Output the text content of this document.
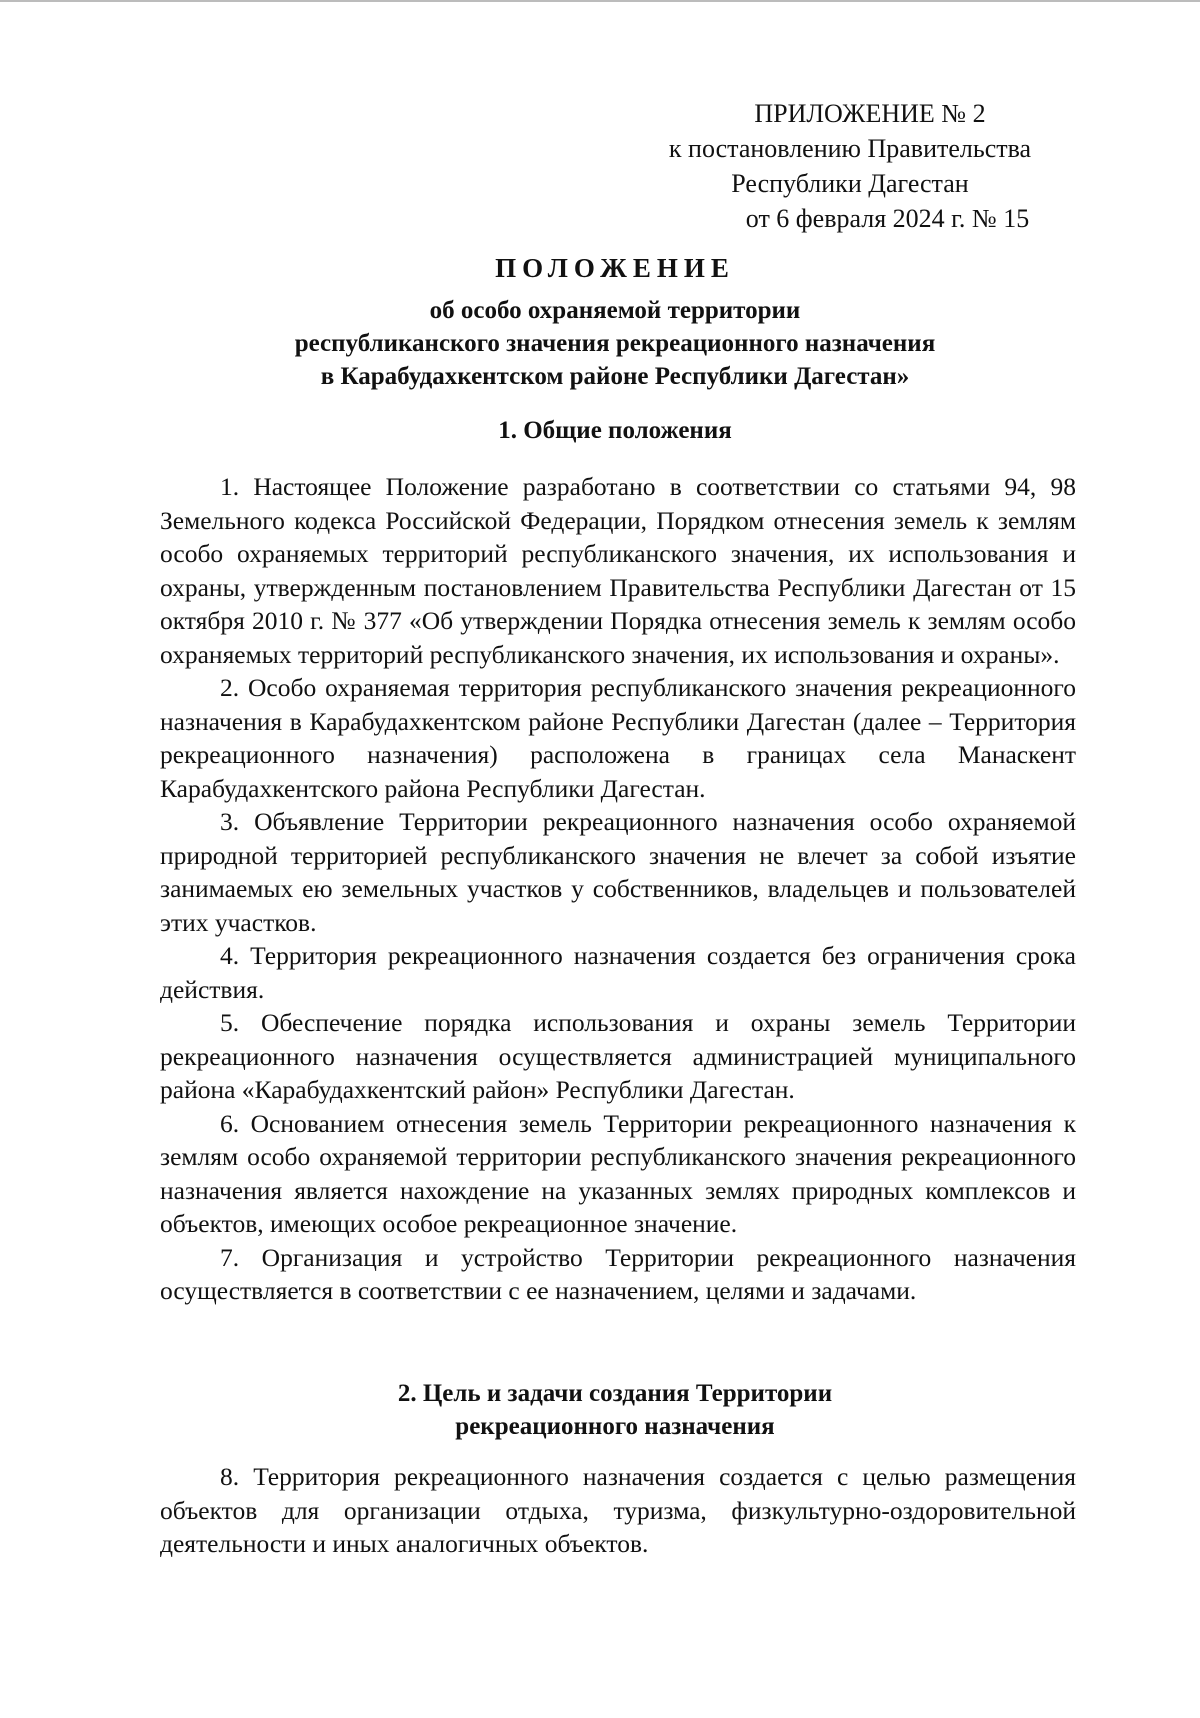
ПРИЛОЖЕНИЕ № 2
к постановлению Правительства
Республики Дагестан
от 6 февраля 2024 г. № 15
ПОЛОЖЕНИЕ
об особо охраняемой территории
республиканского значения рекреационного назначения
в Карабудахкентском районе Республики Дагестан»
1. Общие положения

1. Настоящее Положение разработано в соответствии со статьями 94, 98 Земельного кодекса Российской Федерации, Порядком отнесения земель к землям особо охраняемых территорий республиканского значения, их использования и охраны, утвержденным постановлением Правительства Республики Дагестан от 15 октября 2010 г. № 377 «Об утверждении Порядка отнесения земель к землям особо охраняемых территорий республиканского значения, их использования и охраны».

2. Особо охраняемая территория республиканского значения рекреационного назначения в Карабудахкентском районе Республики Дагестан (далее – Территория рекреационного назначения) расположена в границах села Манаскент Карабудахкентского района Республики Дагестан.

3. Объявление Территории рекреационного назначения особо охраняемой природной территорией республиканского значения не влечет за собой изъятие занимаемых ею земельных участков у собственников, владельцев и пользователей этих участков.

4. Территория рекреационного назначения создается без ограничения срока действия.

5. Обеспечение порядка использования и охраны земель Территории рекреационного назначения осуществляется администрацией муниципального района «Карабудахкентский район» Республики Дагестан.

6. Основанием отнесения земель Территории рекреационного назначения к землям особо охраняемой территории республиканского значения рекреационного назначения является нахождение на указанных землях природных комплексов и объектов, имеющих особое рекреационное значение.

7. Организация и устройство Территории рекреационного назначения осуществляется в соответствии с ее назначением, целями и задачами.

2. Цель и задачи создания Территории
рекреационного назначения

8. Территория рекреационного назначения создается с целью размещения объектов для организации отдыха, туризма, физкультурно-оздоровительной деятельности и иных аналогичных объектов.
